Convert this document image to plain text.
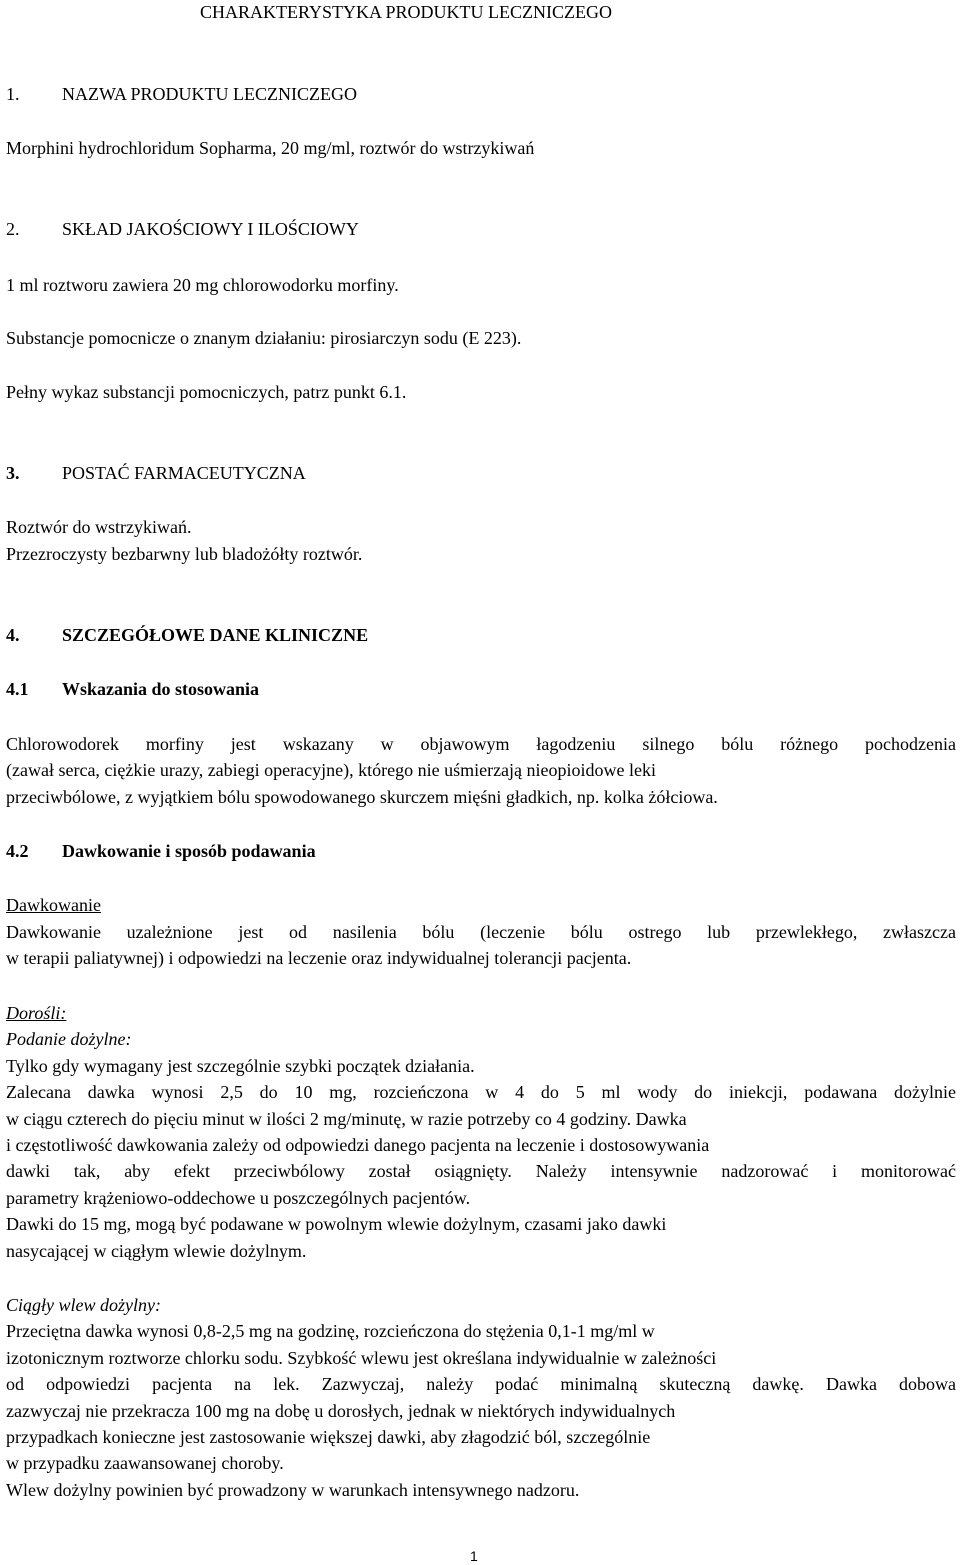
CHARAKTERYSTYKA PRODUKTU LECZNICZEGO
1. NAZWA PRODUKTU LECZNICZEGO
Morphini hydrochloridum Sopharma, 20 mg/ml, roztwór do wstrzykiwań
2. SKŁAD JAKOŚCIOWY I ILOŚCIOWY
1 ml roztworu zawiera 20 mg chlorowodorku morfiny.
Substancje pomocnicze o znanym działaniu: pirosiarczyn sodu (E 223).
Pełny wykaz substancji pomocniczych, patrz punkt 6.1.
3. POSTAĆ FARMACEUTYCZNA
Roztwór do wstrzykiwań.
Przezroczysty bezbarwny lub bladożółty roztwór.
4. SZCZEGÓŁOWE DANE KLINICZNE
4.1 Wskazania do stosowania
Chlorowodorek morfiny jest wskazany w objawowym łagodzeniu silnego bólu różnego pochodzenia
(zawał serca, ciężkie urazy, zabiegi operacyjne), którego nie uśmierzają nieopioidowe leki
przeciwbólowe, z wyjątkiem bólu spowodowanego skurczem mięśni gładkich, np. kolka żółciowa.
4.2 Dawkowanie i sposób podawania
Dawkowanie
Dawkowanie uzależnione jest od nasilenia bólu (leczenie bólu ostrego lub przewlekłego, zwłaszcza
w terapii paliatywnej) i odpowiedzi na leczenie oraz indywidualnej tolerancji pacjenta.
Dorośli:
Podanie dożylne:
Tylko gdy wymagany jest szczególnie szybki początek działania.
Zalecana dawka wynosi 2,5 do 10 mg, rozcieńczona w 4 do 5 ml wody do iniekcji, podawana dożylnie
w ciągu czterech do pięciu minut w ilości 2 mg/minutę, w razie potrzeby co 4 godziny. Dawka
i częstotliwość dawkowania zależy od odpowiedzi danego pacjenta na leczenie i dostosowywania
dawki tak, aby efekt przeciwbólowy został osiągnięty. Należy intensywnie nadzorować i monitorować
parametry krążeniowo-oddechowe u poszczególnych pacjentów.
Dawki do 15 mg, mogą być podawane w powolnym wlewie dożylnym, czasami jako dawki
nasycającej w ciągłym wlewie dożylnym.
Ciągły wlew dożylny:
Przeciętna dawka wynosi 0,8-2,5 mg na godzinę, rozcieńczona do stężenia 0,1-1 mg/ml w
izotonicznym roztworze chlorku sodu. Szybkość wlewu jest określana indywidualnie w zależności
od odpowiedzi pacjenta na lek. Zazwyczaj, należy podać minimalną skuteczną dawkę. Dawka dobowa
zazwyczaj nie przekracza 100 mg na dobę u dorosłych, jednak w niektórych indywidualnych
przypadkach konieczne jest zastosowanie większej dawki, aby złagodzić ból, szczególnie
w przypadku zaawansowanej choroby.
Wlew dożylny powinien być prowadzony w warunkach intensywnego nadzoru.
1
